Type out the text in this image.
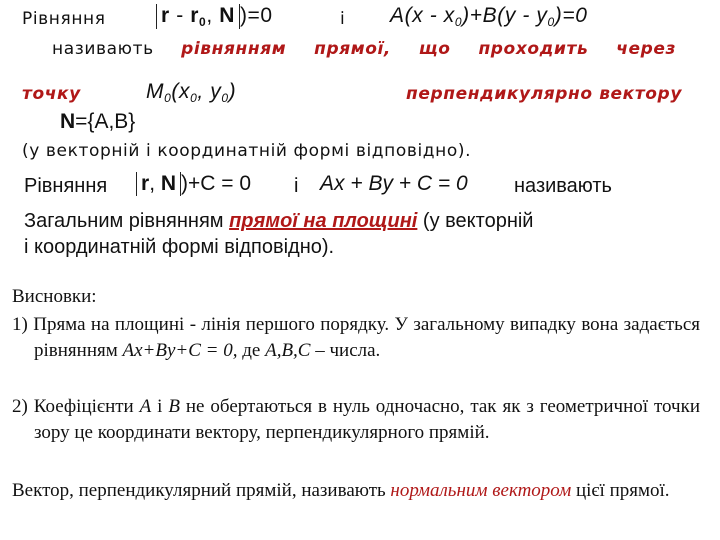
Рівняння	r - $r_0$, N )=0	і $A(x - x_0)+B(y - y_0)=0$
називають рівнянням прямої, що проходить через
точку	$M_0(x_0$, $y_0$)	перпендикулярно вектору
N={A,B}
(у векторній і координатній формі відповідно).
Рівняння r, N )+C = 0 і Ax + By + C = 0 називають
Загальним рівнянням прямої на площині (у векторній
і координатній формі відповідно).
Висновки:
1) Пряма на площині - лінія першого порядку. У загальному випадку вона задається рівнянням Ax+By+C = 0, де A,B,C – числа.
2) Коефіцієнти A і B не обертаються в нуль одночасно, так як з геометричної точки зору це координати вектору, перпендикулярного прямій.
Вектор, перпендикулярний прямій, називають нормальним вектором цієї прямої.
